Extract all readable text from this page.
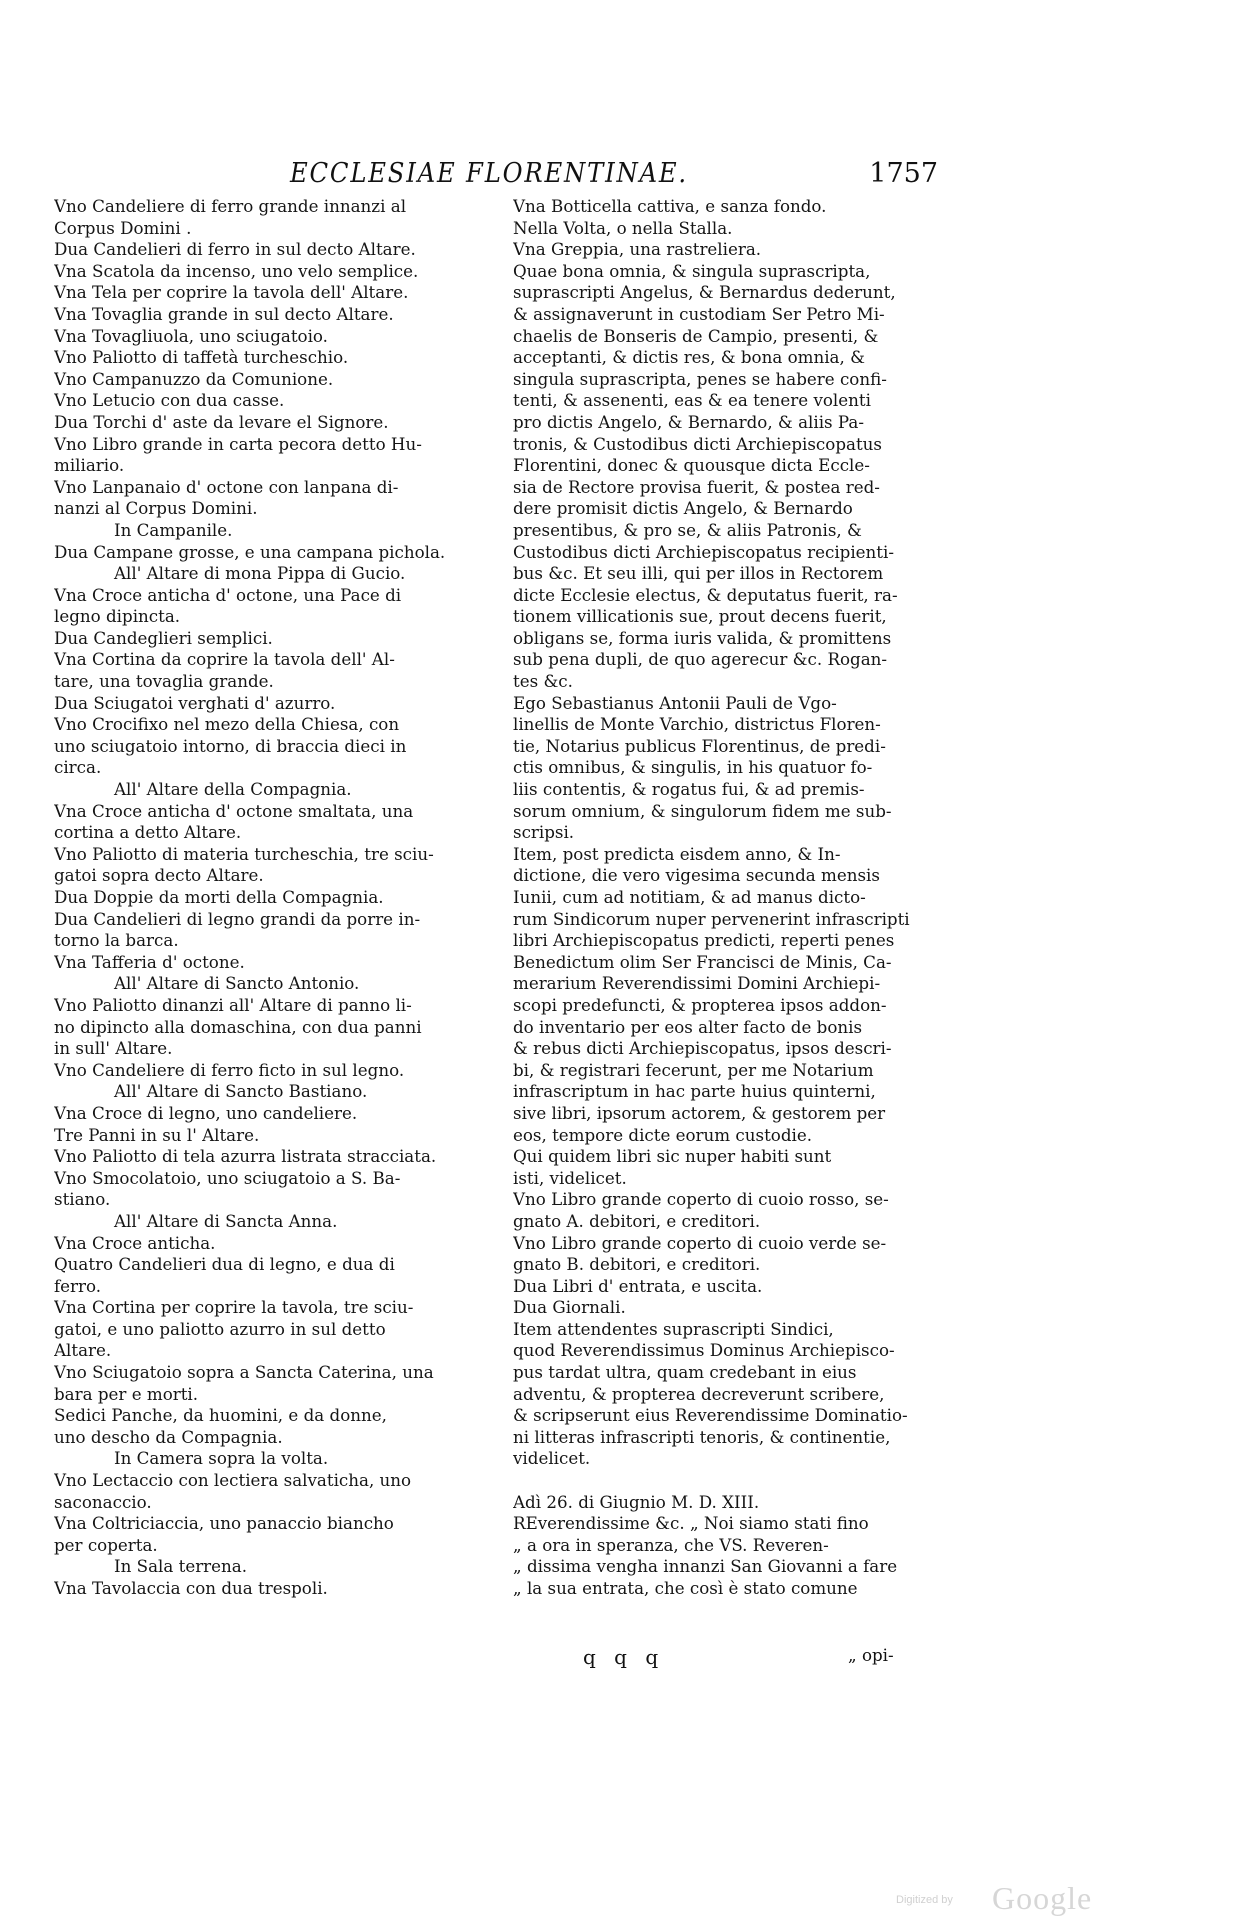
ECCLESIAE FLORENTINAE.	1757
Vno Candeliere di ferro grande innanzi al
Corpus Domini .
Dua Candelieri di ferro in sul decto Altare.
Vna Scatola da incenso, uno velo semplice.
Vna Tela per coprire la tavola dell' Altare.
Vna Tovaglia grande in sul decto Altare.
Vna Tovagliuola, uno sciugatoio.
Vno Paliotto di taffetà turcheschio.
Vno Campanuzzo da Comunione.
Vno Letucio con dua casse.
Dua Torchi d' aste da levare el Signore.
Vno Libro grande in carta pecora detto Hu-
miliario.
Vno Lanpanaio d' octone con lanpana di-
nanzi al Corpus Domini.
In Campanile.
Dua Campane grosse, e una campana pichola.
All' Altare di mona Pippa di Gucio.
Vna Croce anticha d' octone, una Pace di
legno dipincta.
Dua Candeglieri semplici.
Vna Cortina da coprire la tavola dell' Al-
tare, una tovaglia grande.
Dua Sciugatoi verghati d' azurro.
Vno Crocifixo nel mezo della Chiesa, con
uno sciugatoio intorno, di braccia dieci in
circa.
All' Altare della Compagnia.
Vna Croce anticha d' octone smaltata, una
cortina a detto Altare.
Vno Paliotto di materia turcheschia, tre sciu-
gatoi sopra decto Altare.
Dua Doppie da morti della Compagnia.
Dua Candelieri di legno grandi da porre in-
torno la barca.
Vna Tafferia d' octone.
All' Altare di Sancto Antonio.
Vno Paliotto dinanzi all' Altare di panno li-
no dipincto alla domaschina, con dua panni
in sull' Altare.
Vno Candeliere di ferro ficto in sul legno.
All' Altare di Sancto Bastiano.
Vna Croce di legno, uno candeliere.
Tre Panni in su l' Altare.
Vno Paliotto di tela azurra listrata stracciata.
Vno Smocolatoio, uno sciugatoio a S. Ba-
stiano.
All' Altare di Sancta Anna.
Vna Croce anticha.
Quatro Candelieri dua di legno, e dua di
ferro.
Vna Cortina per coprire la tavola, tre sciu-
gatoi, e uno paliotto azurro in sul detto
Altare.
Vno Sciugatoio sopra a Sancta Caterina, una
bara per e morti.
Sedici Panche, da huomini, e da donne,
uno descho da Compagnia.
In Camera sopra la volta.
Vno Lectaccio con lectiera salvaticha, uno
saconaccio.
Vna Coltriciaccia, uno panaccio biancho
per coperta.
In Sala terrena.
Vna Tavolaccia con dua trespoli.
Vna Botticella cattiva, e sanza fondo.
Nella Volta, o nella Stalla.
Vna Greppia, una rastreliera.
Quae bona omnia, & singula suprascripta,
suprascripti Angelus, & Bernardus dederunt,
& assignaverunt in custodiam Ser Petro Mi-
chaelis de Bonseris de Campio, presenti, &
acceptanti, & dictis res, & bona omnia, &
singula suprascripta, penes se habere confi-
tenti, & assenenti, eas & ea tenere volenti
pro dictis Angelo, & Bernardo, & aliis Pa-
tronis, & Custodibus dicti Archiepiscopatus
Florentini, donec & quousque dicta Eccle-
sia de Rectore provisa fuerit, & postea red-
dere promisit dictis Angelo, & Bernardo
presentibus, & pro se, & aliis Patronis, &
Custodibus dicti Archiepiscopatus recipienti-
bus &c. Et seu illi, qui per illos in Rectorem
dicte Ecclesie electus, & deputatus fuerit, ra-
tionem villicationis sue, prout decens fuerit,
obligans se, forma iuris valida, & promittens
sub pena dupli, de quo agerecur &c. Rogan-
tes &c.
Ego Sebastianus Antonii Pauli de Vgo-
linellis de Monte Varchio, districtus Floren-
tie, Notarius publicus Florentinus, de predi-
ctis omnibus, & singulis, in his quatuor fo-
liis contentis, & rogatus fui, & ad premis-
sorum omnium, & singulorum fidem me sub-
scripsi.
Item, post predicta eisdem anno, & In-
dictione, die vero vigesima secunda mensis
Iunii, cum ad notitiam, & ad manus dicto-
rum Sindicorum nuper pervenerint infrascripti
libri Archiepiscopatus predicti, reperti penes
Benedictum olim Ser Francisci de Minis, Ca-
merarium Reverendissimi Domini Archiepi-
scopi predefuncti, & propterea ipsos addon-
do inventario per eos alter facto de bonis
& rebus dicti Archiepiscopatus, ipsos descri-
bi, & registrari fecerunt, per me Notarium
infrascriptum in hac parte huius quinterni,
sive libri, ipsorum actorem, & gestorem per
eos, tempore dicte eorum custodie.
Qui quidem libri sic nuper habiti sunt
isti, videlicet.
Vno Libro grande coperto di cuoio rosso, se-
gnato A. debitori, e creditori.
Vno Libro grande coperto di cuoio verde se-
gnato B. debitori, e creditori.
Dua Libri d' entrata, e uscita.
Dua Giornali.
Item attendentes suprascripti Sindici,
quod Reverendissimus Dominus Archiepisco-
pus tardat ultra, quam credebant in eius
adventu, & propterea decreverunt scribere,
& scripserunt eius Reverendissime Dominatio-
ni litteras infrascripti tenoris, & continentie,
videlicet.
Adì 26. di Giugnio M. D. XIII.
REverendissime &c. „ Noi siamo stati fino
„ a ora in speranza, che VS. Reveren-
„ dissima vengha innanzi San Giovanni a fare
„ la sua entrata, che così è stato comune
q q q	„ opi-
Digitized by Google
